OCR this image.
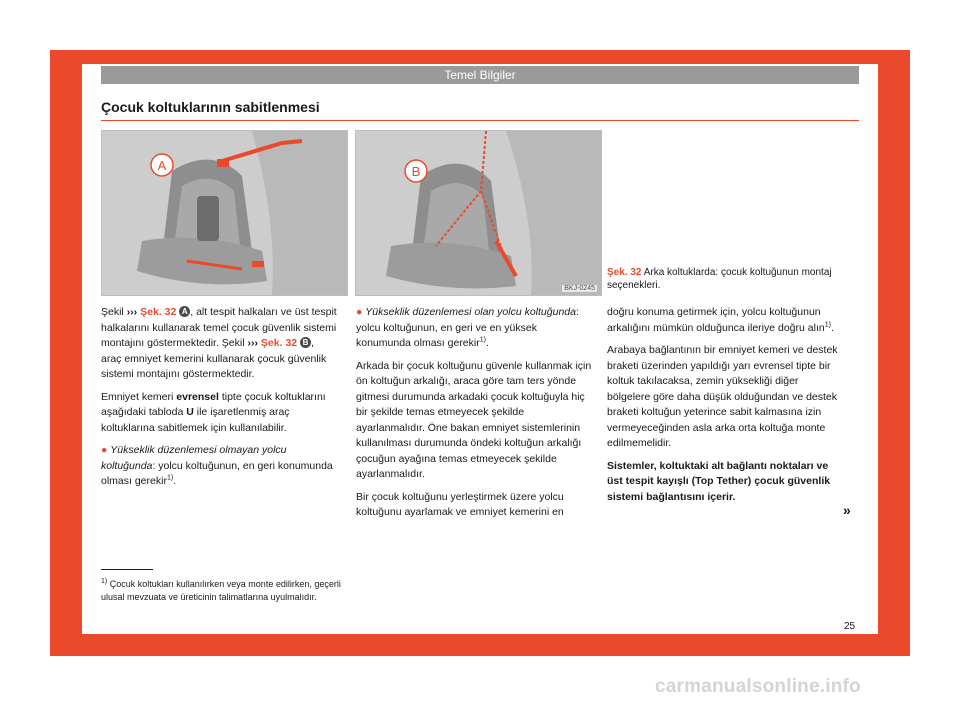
Temel Bilgiler
Çocuk koltuklarının sabitlenmesi
A	B
BKJ-0245
Şek. 32 Arka koltuklarda: çocuk koltuğunun montaj seçenekleri.

Şekil ››› Şek. 32 A , alt tespit halkaları ve üst tespit halkalarını kullanarak temel çocuk güvenlik sistemi montajını göstermektedir. Şekil ››› Şek. 32 B , araç emniyet kemerini kullanarak çocuk güvenlik sistemi montajını göstermektedir.

Emniyet kemeri evrensel tipte çocuk koltuklarını aşağıdaki tabloda U ile işaretlenmiş araç koltuklarına sabitlemek için kullanılabilir.

● Yükseklik düzenlemesi olmayan yolcu koltuğunda: yolcu koltuğunun, en geri konumunda olması gerekir$^{1)}$.

● Yükseklik düzenlemesi olan yolcu koltuğunda: yolcu koltuğunun, en geri ve en yüksek konumunda olması gerekir$^{1)}$.

Arkada bir çocuk koltuğunu güvenle kullanmak için ön koltuğun arkalığı, araca göre tam ters yönde gitmesi durumunda arkadaki çocuk koltuğuyla hiç bir şekilde temas etmeyecek şekilde ayarlanmalıdır. Öne bakan emniyet sistemlerinin kullanılması durumunda öndeki koltuğun arkalığı çocuğun ayağına temas etmeyecek şekilde ayarlanmalıdır.

Bir çocuk koltuğunu yerleştirmek üzere yolcu koltuğunu ayarlamak ve emniyet kemerini en

doğru konuma getirmek için, yolcu koltuğunun arkalığını mümkün olduğunca ileriye doğru alın$^{1)}$.

Arabaya bağlantının bir emniyet kemeri ve destek braketi üzerinden yapıldığı yarı evrensel tipte bir koltuk takılacaksa, zemin yüksekliği diğer bölgelere göre daha düşük olduğundan ve destek braketi koltuğun yeterince sabit kalmasına izin vermeyeceğinden asla arka orta koltuğa monte edilmemelidir.

Sistemler, koltuktaki alt bağlantı noktaları ve üst tespit kayışlı (Top Tether) çocuk güvenlik sistemi bağlantısını içerir.

»
$^{1)}$ Çocuk koltukları kullanılırken veya monte edilirken, geçerli ulusal mevzuata ve üreticinin talimatlarına uyulmalıdır.
25
carmanualsonline.info
